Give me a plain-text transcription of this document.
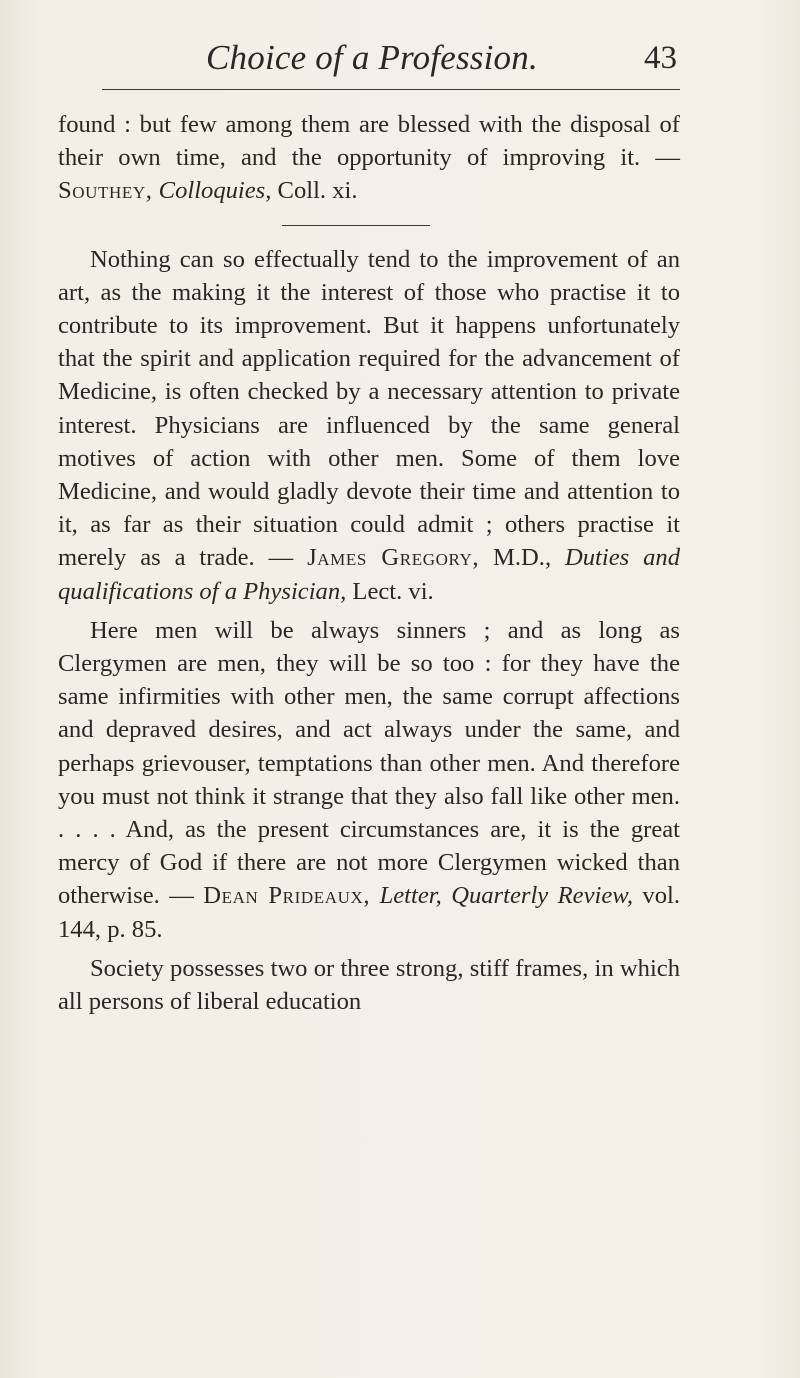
Choice of a Profession.	43

found : but few among them are blessed with the disposal of their own time, and the opportunity of improving it. — Southey, Colloquies, Coll. xi.

Nothing can so effectually tend to the improvement of an art, as the making it the interest of those who practise it to contribute to its improvement. But it happens unfortunately that the spirit and application required for the advancement of Medicine, is often checked by a necessary attention to private interest. Physicians are influenced by the same general motives of action with other men. Some of them love Medicine, and would gladly devote their time and attention to it, as far as their situation could admit ; others practise it merely as a trade. — James Gregory, M.D., Duties and qualifications of a Physician, Lect. vi.

Here men will be always sinners ; and as long as Clergymen are men, they will be so too : for they have the same infirmities with other men, the same corrupt affections and depraved desires, and act always under the same, and perhaps grievouser, temptations than other men. And therefore you must not think it strange that they also fall like other men. . . . . And, as the present circumstances are, it is the great mercy of God if there are not more Clergymen wicked than otherwise. — Dean Prideaux, Letter, Quarterly Review, vol. 144, p. 85.

Society possesses two or three strong, stiff frames, in which all persons of liberal education
